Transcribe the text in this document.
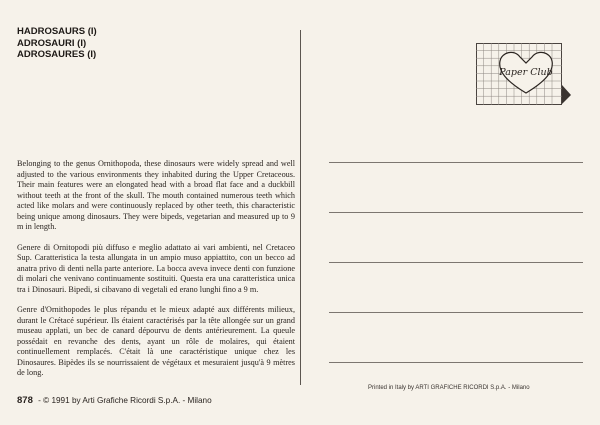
HADROSAURS (I)
ADROSAURI (I)
ADROSAURES (I)

Belonging to the genus Ornithopoda, these dinosaurs were widely spread and well adjusted to the various environments they inhabited during the Upper Cretaceous. Their main features were an elongated head with a broad flat face and a duckbill without teeth at the front of the skull. The mouth contained numerous teeth which acted like molars and were continuously replaced by other teeth, this characteristic being unique among dinosaurs. They were bipeds, vegetarian and measured up to 9 m in length.

Genere di Ornitopodi più diffuso e meglio adattato ai vari ambienti, nel Cretaceo Sup. Caratteristica la testa allungata in un ampio muso appiattito, con un becco ad anatra privo di denti nella parte anteriore. La bocca aveva invece denti con funzione di molari che venivano continuamente sostituiti. Questa era una caratteristica unica tra i Dinosauri. Bipedi, si cibavano di vegetali ed erano lunghi fino a 9 m.

Genre d'Ornithopodes le plus répandu et le mieux adapté aux différents milieux, durant le Crétacé supérieur. Ils étaient caractérisés par la tête allongée sur un grand museau applati, un bec de canard dépourvu de dents antérieurement. La queule possédait en revanche des dents, ayant un rôle de molaires, qui étaient continuellement remplacés. C'était là une caractéristique unique chez les Dinosaures. Bipèdes ils se nourrissaient de végétaux et mesuraient jusqu'à 9 mètres de long.

Paper Club
878 - © 1991 by Arti Grafiche Ricordi S.p.A. - Milano
Printed in Italy by ARTI GRAFICHE RICORDI S.p.A. - Milano
